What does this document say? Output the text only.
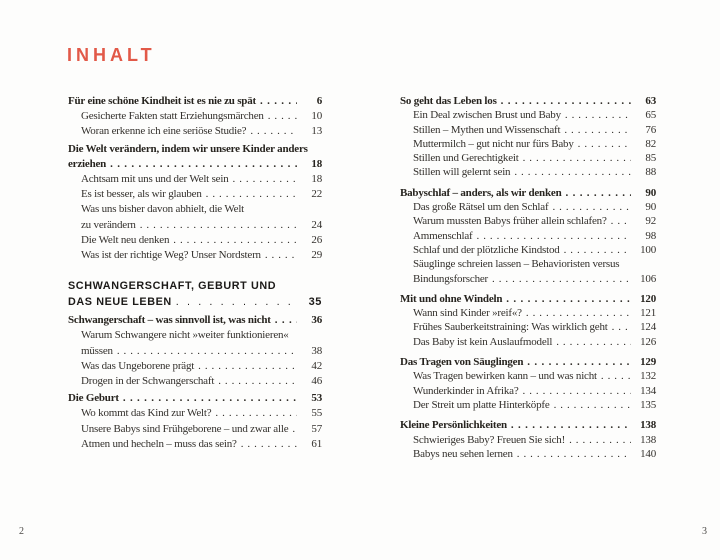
INHALT
Für eine schöne Kindheit ist es nie zu spät . . .	6
Gesicherte Fakten statt Erziehungsmärchen . . .	10
Woran erkenne ich eine seriöse Studie? . . .	13
Die Welt verändern, indem wir unsere Kinder anders
erziehen . . .	18
Achtsam mit uns und der Welt sein . . .	18
Es ist besser, als wir glauben . . .	22
Was uns bisher davon abhielt, die Welt
zu verändern . . .	24
Die Welt neu denken . . .	26
Was ist der richtige Weg? Unser Nordstern . . .	29
SCHWANGERSCHAFT, GEBURT UND
DAS NEUE LEBEN . . .	35
Schwangerschaft – was sinnvoll ist, was nicht . . .	36
Warum Schwangere nicht »weiter funktionieren«
müssen . . .	38
Was das Ungeborene prägt . . .	42
Drogen in der Schwangerschaft . . .	46
Die Geburt . . .	53
Wo kommt das Kind zur Welt? . . .	55
Unsere Babys sind Frühgeborene – und zwar alle . . .	57
Atmen und hecheln – muss das sein? . . .	61
So geht das Leben los . . .	63
Ein Deal zwischen Brust und Baby . . .	65
Stillen – Mythen und Wissenschaft . . .	76
Muttermilch – gut nicht nur fürs Baby . . .	82
Stillen und Gerechtigkeit . . .	85
Stillen will gelernt sein . . .	88
Babyschlaf – anders, als wir denken . . .	90
Das große Rätsel um den Schlaf . . .	90
Warum mussten Babys früher allein schlafen? . . .	92
Ammenschlaf . . .	98
Schlaf und der plötzliche Kindstod . . .	100
Säuglinge schreien lassen – Behavioristen versus
Bindungsforscher . . .	106
Mit und ohne Windeln . . .	120
Wann sind Kinder »reif«? . . .	121
Frühes Sauberkeitstraining: Was wirklich geht . . .	124
Das Baby ist kein Auslaufmodell . . .	126
Das Tragen von Säuglingen . . .	129
Was Tragen bewirken kann – und was nicht . . .	132
Wunderkinder in Afrika? . . .	134
Der Streit um platte Hinterköpfe . . .	135
Kleine Persönlichkeiten . . .	138
Schwieriges Baby? Freuen Sie sich! . . .	138
Babys neu sehen lernen . . .	140
2	3
